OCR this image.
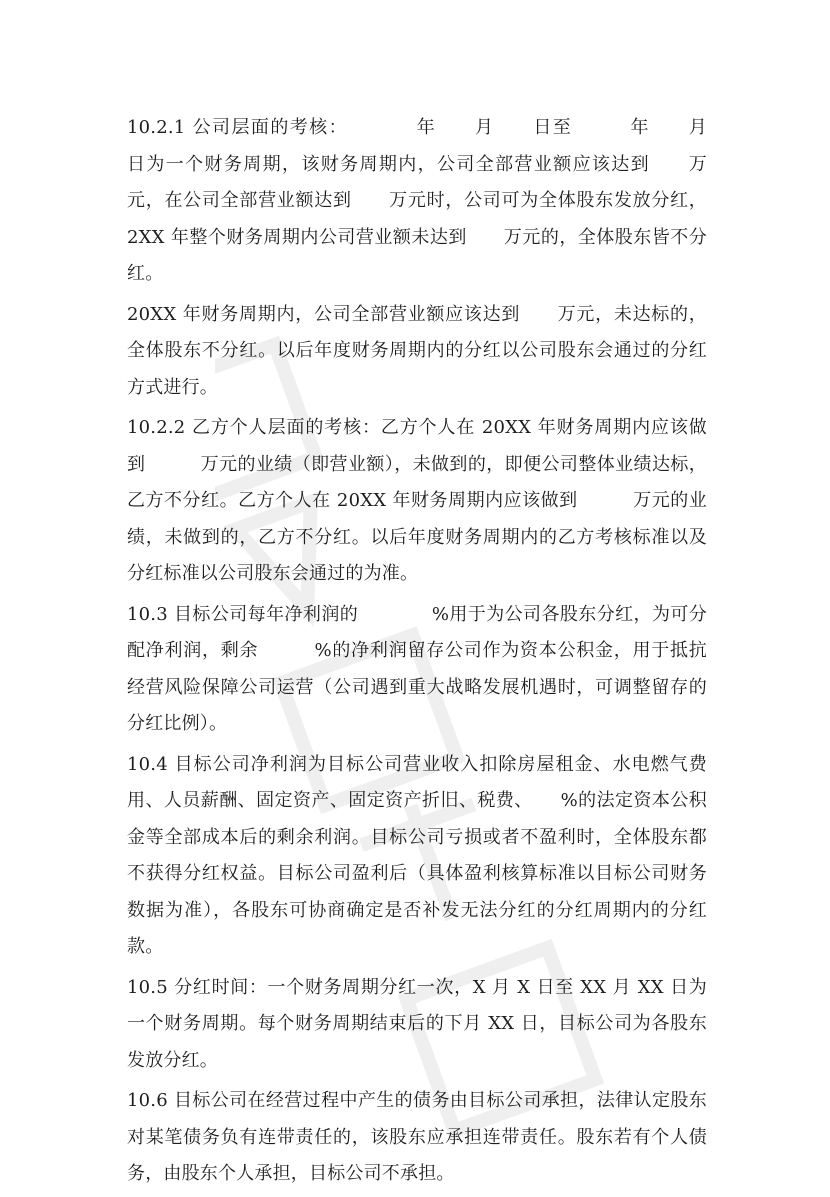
10.2.1 公司层面的考核：　　　　年　　月　　日至　　　年　　月　日为一个财务周期，该财务周期内，公司全部营业额应该达到　　万元，在公司全部营业额达到　　万元时，公司可为全体股东发放分红，2XX 年整个财务周期内公司营业额未达到　　万元的，全体股东皆不分红。

20XX 年财务周期内，公司全部营业额应该达到　　万元，未达标的，全体股东不分红。以后年度财务周期内的分红以公司股东会通过的分红方式进行。

10.2.2 乙方个人层面的考核：乙方个人在 20XX 年财务周期内应该做到　　　万元的业绩（即营业额），未做到的，即便公司整体业绩达标，乙方不分红。乙方个人在 20XX 年财务周期内应该做到　　　万元的业绩，未做到的，乙方不分红。以后年度财务周期内的乙方考核标准以及分红标准以公司股东会通过的为准。

10.3 目标公司每年净利润的　　　　%用于为公司各股东分红，为可分配净利润，剩余　　　%的净利润留存公司作为资本公积金，用于抵抗经营风险保障公司运营（公司遇到重大战略发展机遇时，可调整留存的分红比例）。

10.4 目标公司净利润为目标公司营业收入扣除房屋租金、水电燃气费用、人员薪酬、固定资产、固定资产折旧、税费、　　%的法定资本公积金等全部成本后的剩余利润。目标公司亏损或者不盈利时，全体股东都不获得分红权益。目标公司盈利后（具体盈利核算标准以目标公司财务数据为准），各股东可协商确定是否补发无法分红的分红周期内的分红款。

10.5 分红时间：一个财务周期分红一次，X 月 X 日至 XX 月 XX 日为一个财务周期。每个财务周期结束后的下月 XX 日，目标公司为各股东发放分红。

10.6 目标公司在经营过程中产生的债务由目标公司承担，法律认定股东对某笔债务负有连带责任的，该股东应承担连带责任。股东若有个人债务，由股东个人承担，目标公司不承担。
